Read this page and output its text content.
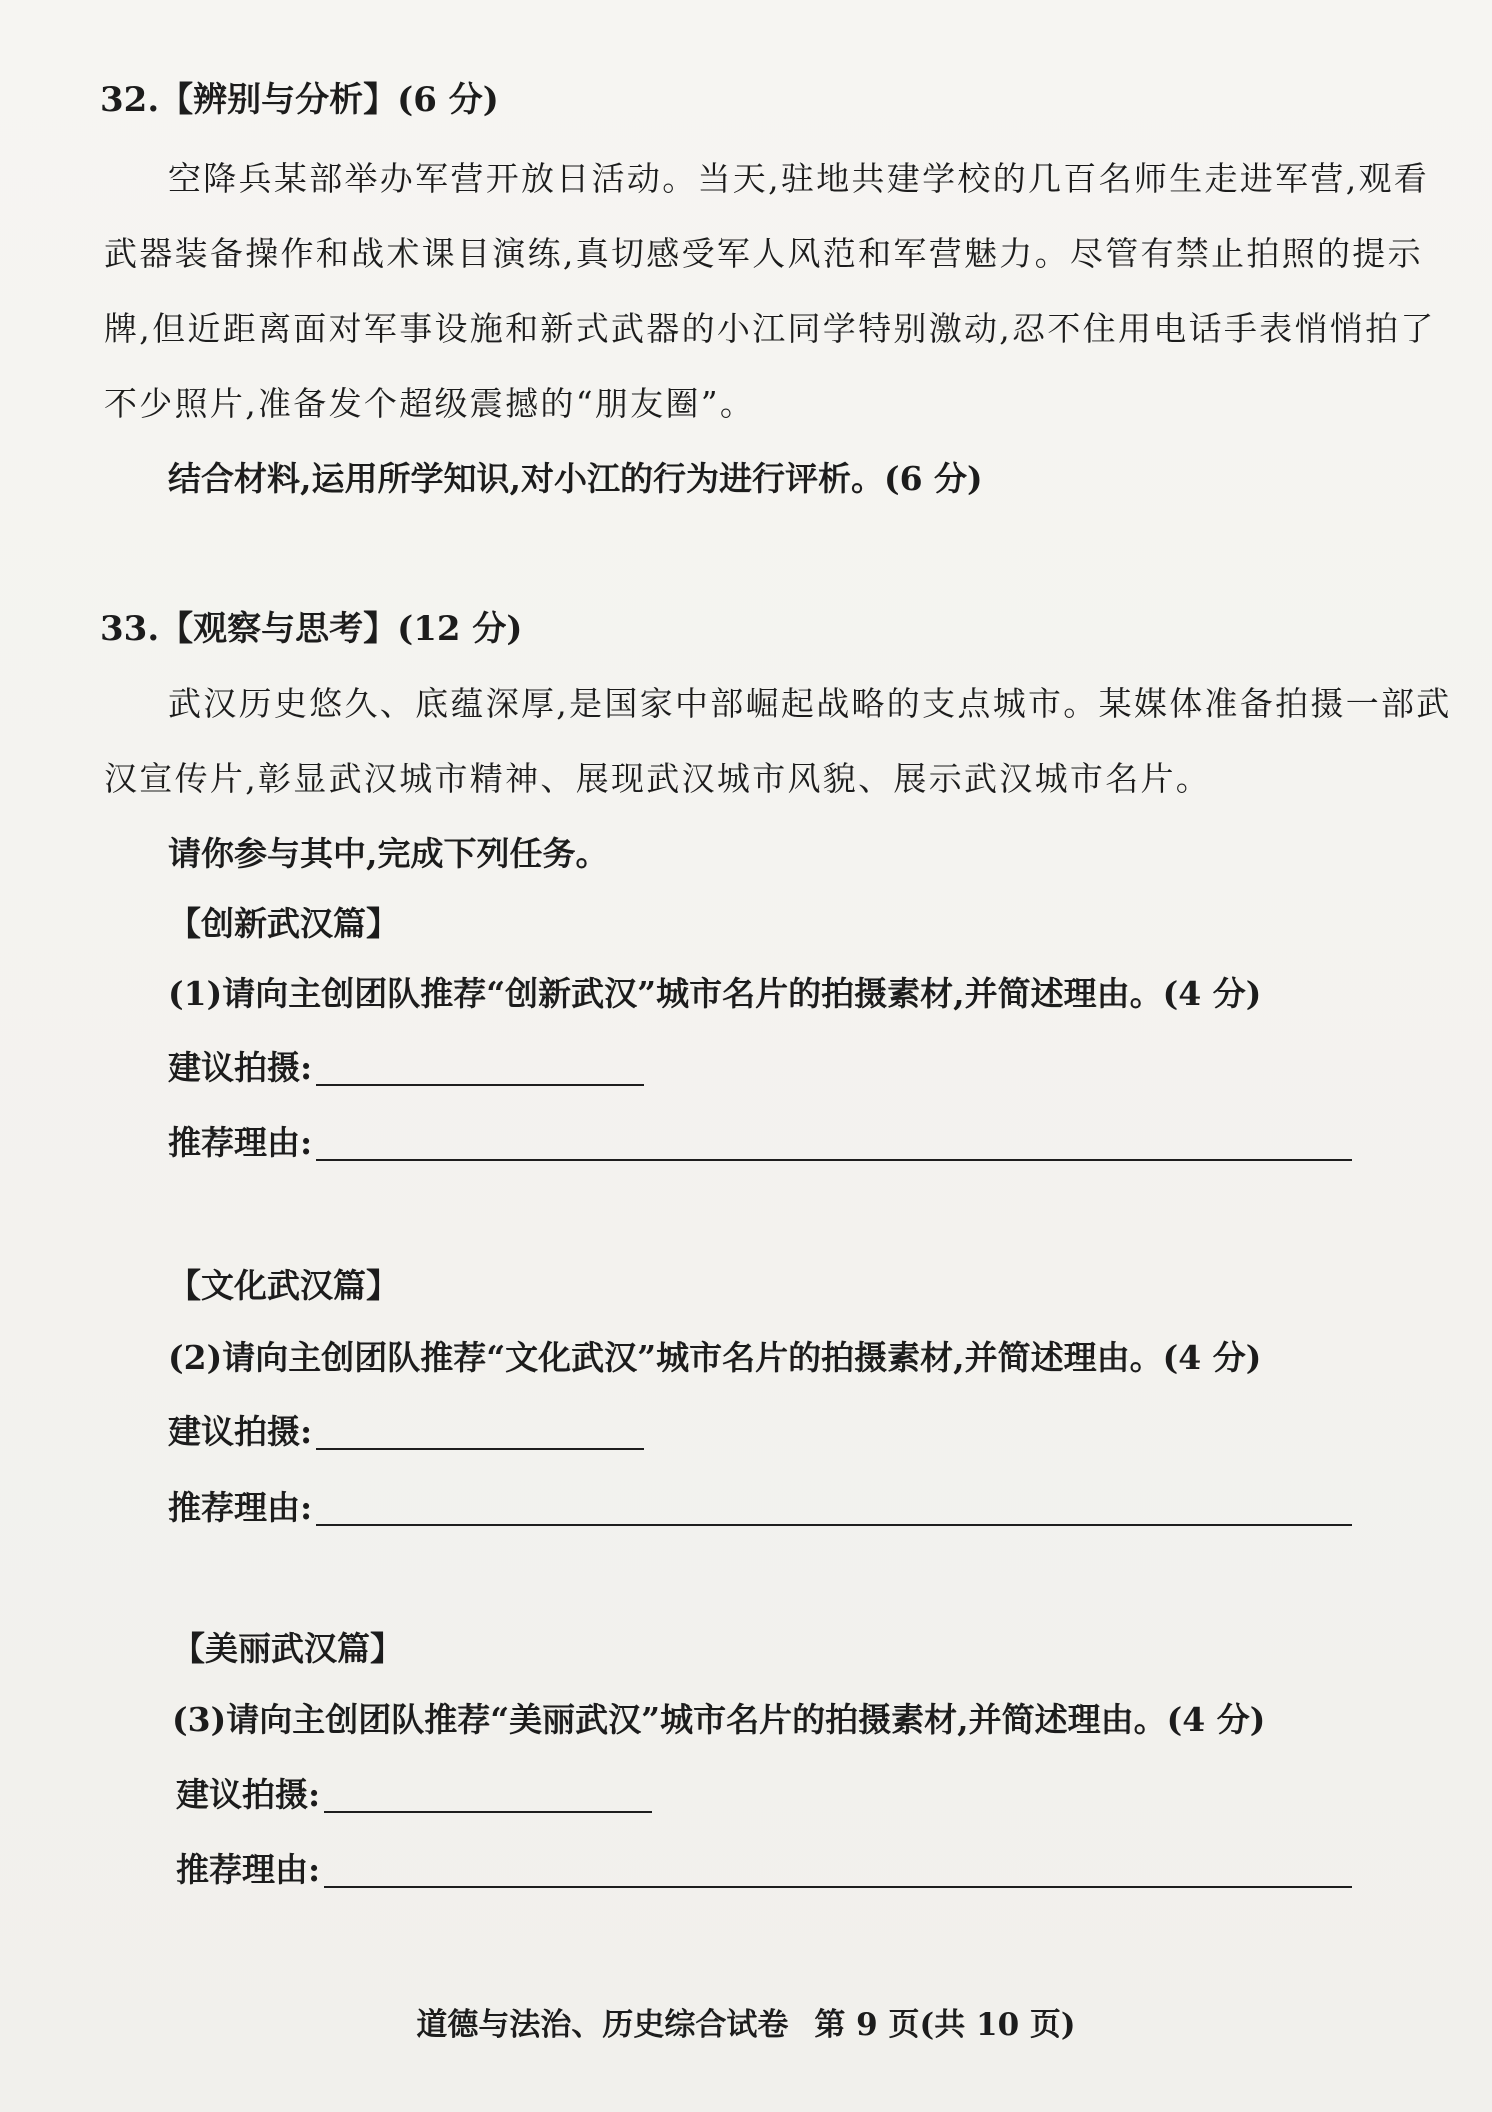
32.【辨别与分析】(6 分)
空降兵某部举办军营开放日活动。当天,驻地共建学校的几百名师生走进军营,观看
武器装备操作和战术课目演练,真切感受军人风范和军营魅力。尽管有禁止拍照的提示
牌,但近距离面对军事设施和新式武器的小江同学特别激动,忍不住用电话手表悄悄拍了
不少照片,准备发个超级震撼的“朋友圈”。
结合材料,运用所学知识,对小江的行为进行评析。(6 分)
33.【观察与思考】(12 分)
武汉历史悠久、底蕴深厚,是国家中部崛起战略的支点城市。某媒体准备拍摄一部武
汉宣传片,彰显武汉城市精神、展现武汉城市风貌、展示武汉城市名片。
请你参与其中,完成下列任务。
【创新武汉篇】
(1)请向主创团队推荐“创新武汉”城市名片的拍摄素材,并简述理由。(4 分)
建议拍摄:
推荐理由:
【文化武汉篇】
(2)请向主创团队推荐“文化武汉”城市名片的拍摄素材,并简述理由。(4 分)
建议拍摄:
推荐理由:
【美丽武汉篇】
(3)请向主创团队推荐“美丽武汉”城市名片的拍摄素材,并简述理由。(4 分)
建议拍摄:
推荐理由:
道德与法治、历史综合试卷 第 9 页(共 10 页)
